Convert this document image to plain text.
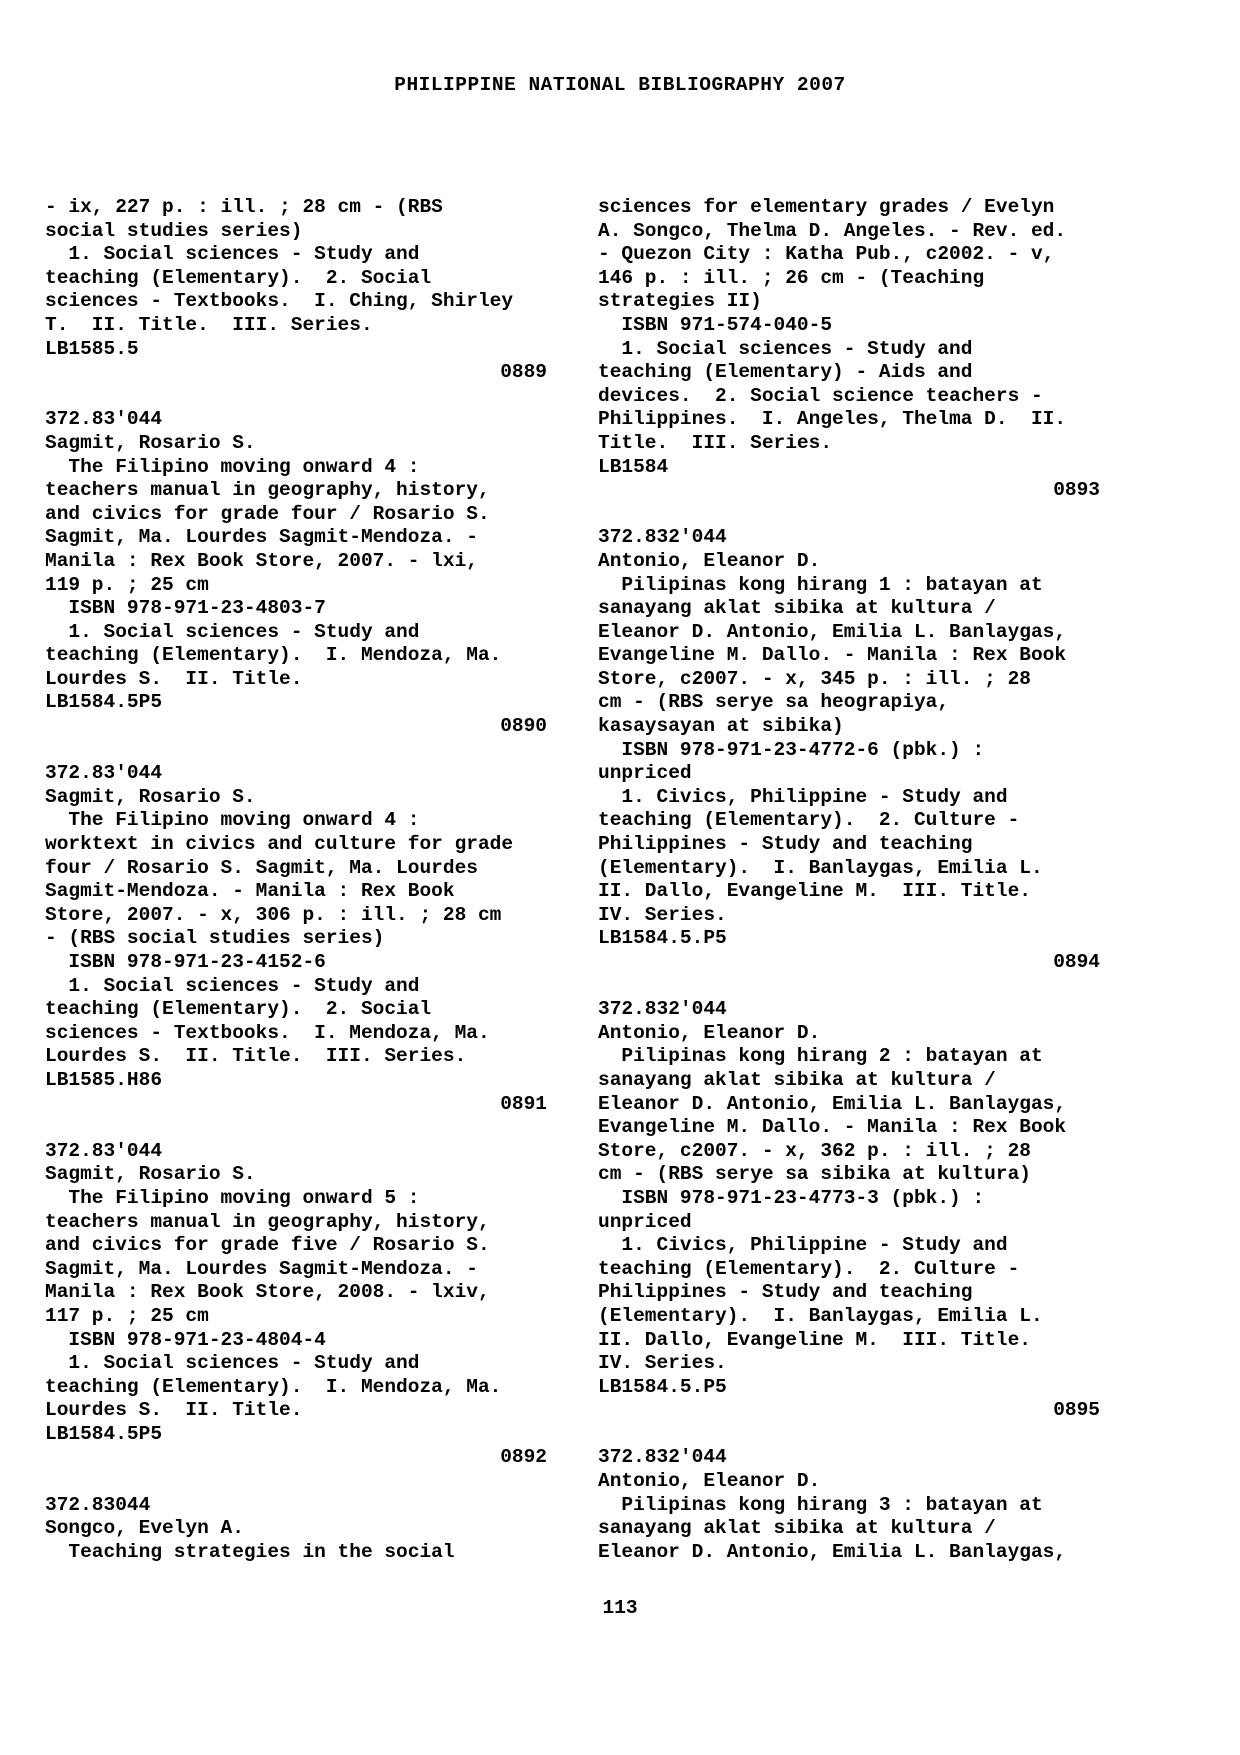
PHILIPPINE NATIONAL BIBLIOGRAPHY 2007
- ix, 227 p. : ill. ; 28 cm - (RBS
social studies series)
1. Social sciences - Study and
teaching (Elementary).  2. Social
sciences - Textbooks.  I. Ching, Shirley
T.  II. Title.  III. Series.
LB1585.5
0889
372.83'044
Sagmit, Rosario S.
The Filipino moving onward 4 :
teachers manual in geography, history,
and civics for grade four / Rosario S.
Sagmit, Ma. Lourdes Sagmit-Mendoza. -
Manila : Rex Book Store, 2007. - lxi,
119 p. ; 25 cm
ISBN 978-971-23-4803-7
1. Social sciences - Study and
teaching (Elementary).  I. Mendoza, Ma.
Lourdes S.  II. Title.
LB1584.5P5
0890
372.83'044
Sagmit, Rosario S.
The Filipino moving onward 4 :
worktext in civics and culture for grade
four / Rosario S. Sagmit, Ma. Lourdes
Sagmit-Mendoza. - Manila : Rex Book
Store, 2007. - x, 306 p. : ill. ; 28 cm
- (RBS social studies series)
ISBN 978-971-23-4152-6
1. Social sciences - Study and
teaching (Elementary).  2. Social
sciences - Textbooks.  I. Mendoza, Ma.
Lourdes S.  II. Title.  III. Series.
LB1585.H86
0891
372.83'044
Sagmit, Rosario S.
The Filipino moving onward 5 :
teachers manual in geography, history,
and civics for grade five / Rosario S.
Sagmit, Ma. Lourdes Sagmit-Mendoza. -
Manila : Rex Book Store, 2008. - lxiv,
117 p. ; 25 cm
ISBN 978-971-23-4804-4
1. Social sciences - Study and
teaching (Elementary).  I. Mendoza, Ma.
Lourdes S.  II. Title.
LB1584.5P5
0892
372.83044
Songco, Evelyn A.
Teaching strategies in the social
sciences for elementary grades / Evelyn
A. Songco, Thelma D. Angeles. - Rev. ed.
- Quezon City : Katha Pub., c2002. - v,
146 p. : ill. ; 26 cm - (Teaching
strategies II)
ISBN 971-574-040-5
1. Social sciences - Study and
teaching (Elementary) - Aids and
devices.  2. Social science teachers -
Philippines.  I. Angeles, Thelma D.  II.
Title.  III. Series.
LB1584
0893
372.832'044
Antonio, Eleanor D.
Pilipinas kong hirang 1 : batayan at
sanayang aklat sibika at kultura /
Eleanor D. Antonio, Emilia L. Banlaygas,
Evangeline M. Dallo. - Manila : Rex Book
Store, c2007. - x, 345 p. : ill. ; 28
cm - (RBS serye sa heograpiya,
kasaysayan at sibika)
ISBN 978-971-23-4772-6 (pbk.) :
unpriced
1. Civics, Philippine - Study and
teaching (Elementary).  2. Culture -
Philippines - Study and teaching
(Elementary).  I. Banlaygas, Emilia L.
II. Dallo, Evangeline M.  III. Title.
IV. Series.
LB1584.5.P5
0894
372.832'044
Antonio, Eleanor D.
Pilipinas kong hirang 2 : batayan at
sanayang aklat sibika at kultura /
Eleanor D. Antonio, Emilia L. Banlaygas,
Evangeline M. Dallo. - Manila : Rex Book
Store, c2007. - x, 362 p. : ill. ; 28
cm - (RBS serye sa sibika at kultura)
ISBN 978-971-23-4773-3 (pbk.) :
unpriced
1. Civics, Philippine - Study and
teaching (Elementary).  2. Culture -
Philippines - Study and teaching
(Elementary).  I. Banlaygas, Emilia L.
II. Dallo, Evangeline M.  III. Title.
IV. Series.
LB1584.5.P5
0895
372.832'044
Antonio, Eleanor D.
Pilipinas kong hirang 3 : batayan at
sanayang aklat sibika at kultura /
Eleanor D. Antonio, Emilia L. Banlaygas,
113
